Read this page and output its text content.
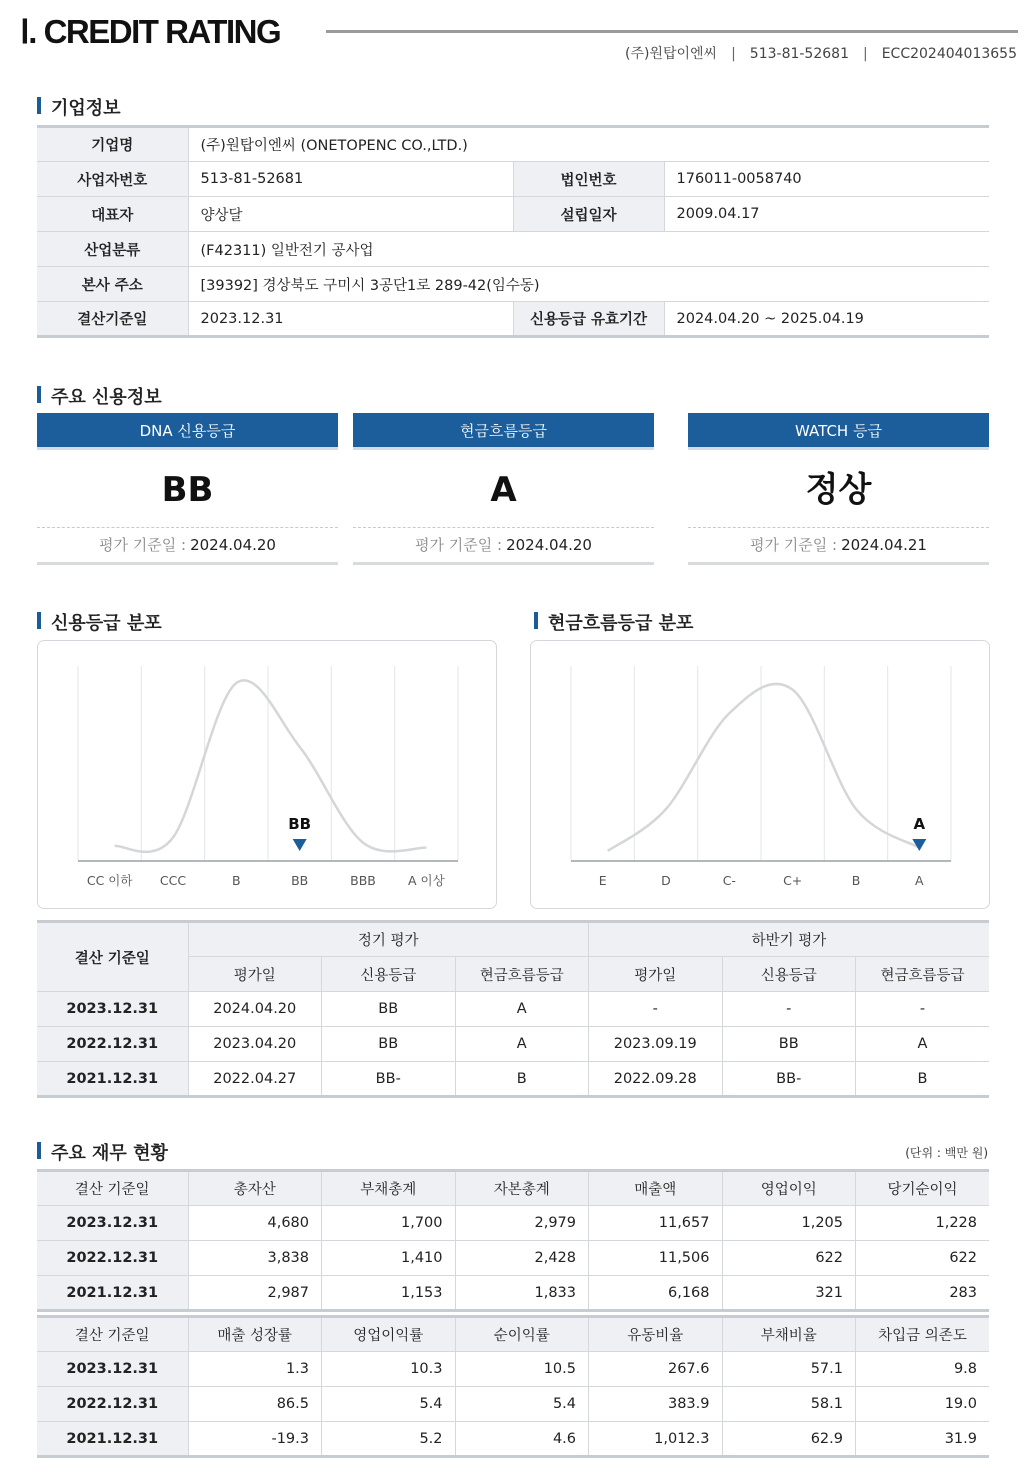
Ⅰ. CREDIT RATING
(주)원탑이엔씨 | 513-81-52681 | ECC202404013655
기업정보
기업명	(주)원탑이엔씨 (ONETOPENC CO.,LTD.)		
사업자번호	513-81-52681	법인번호	176011-0058740
대표자	양상달	설립일자	2009.04.17
산업분류	(F42311) 일반전기 공사업		
본사 주소	[39392] 경상북도 구미시 3공단1로 289-42(임수동)		
결산기준일	2023.12.31	신용등급 유효기간	2024.04.20 ~ 2025.04.19
주요 신용정보
DNA 신용등급
BB
평가 기준일 : 2024.04.20
현금흐름등급
A
평가 기준일 : 2024.04.20
WATCH 등급
정상
평가 기준일 : 2024.04.21
신용등급 분포	현금흐름등급 분포
CC 이하 CCC	B	BB	BBB	A 이상
BB
E	D	C-	C+	B	A
A
결산 기준일	정기 평가			하반기 평가		
	평가일	신용등급	현금흐름등급	평가일	신용등급	현금흐름등급
2023.12.31	2024.04.20	BB	A	-	-	-
2022.12.31	2023.04.20	BB	A	2023.09.19	BB	A
2021.12.31	2022.04.27	BB-	B	2022.09.28	BB-	B
주요 재무 현황	(단위 : 백만 원)
결산 기준일	총자산	부채총계	자본총계	매출액	영업이익	당기순이익
2023.12.31	4,680	1,700	2,979	11,657	1,205	1,228
2022.12.31	3,838	1,410	2,428	11,506	622	622
2021.12.31	2,987	1,153	1,833	6,168	321	283
결산 기준일	매출 성장률	영업이익률	순이익률	유동비율	부채비율	차입금 의존도
2023.12.31	1.3	10.3	10.5	267.6	57.1	9.8
2022.12.31	86.5	5.4	5.4	383.9	58.1	19.0
2021.12.31	-19.3	5.2	4.6	1,012.3	62.9	31.9
